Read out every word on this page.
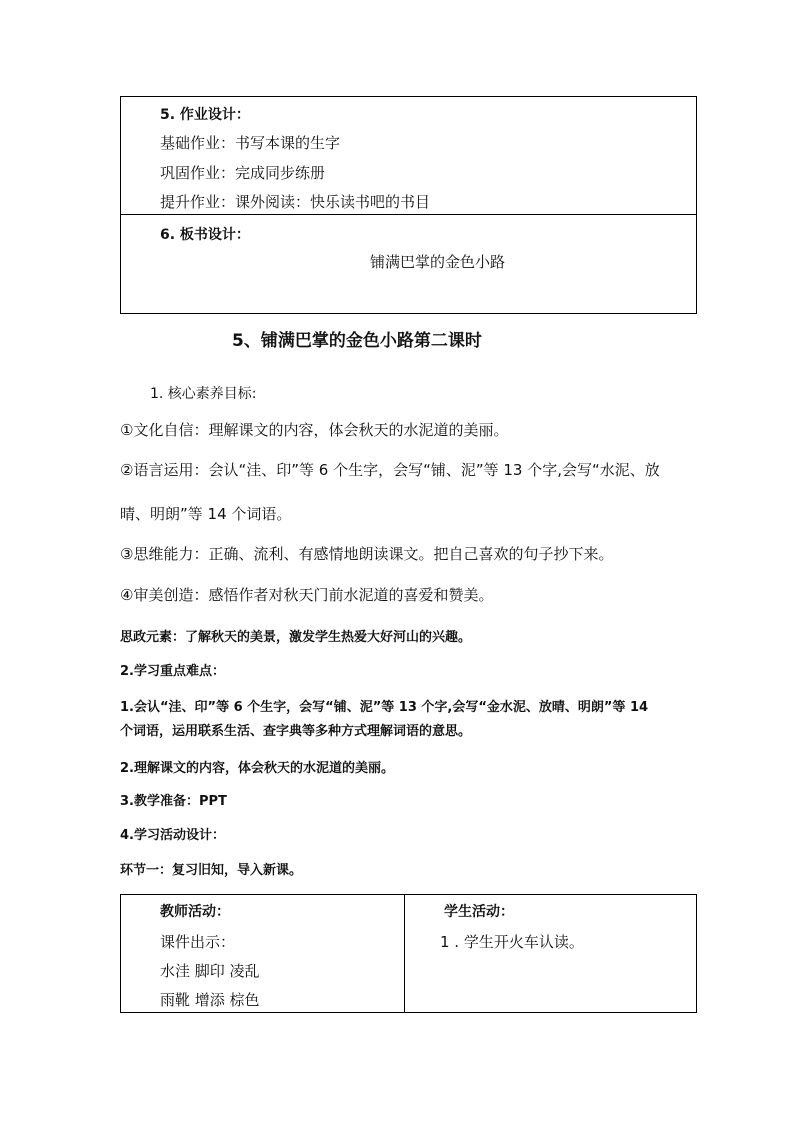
5. 作业设计：
基础作业：书写本课的生字
巩固作业：完成同步练册
提升作业：课外阅读：快乐读书吧的书目
6. 板书设计：
铺满巴掌的金色小路
5、铺满巴掌的金色小路第二课时
1. 核心素养目标:
①文化自信：理解课文的内容，体会秋天的水泥道的美丽。
②语言运用：会认“洼、印”等 6 个生字，会写“铺、泥”等 13 个字,会写“水泥、放
晴、明朗”等 14 个词语。
③思维能力：正确、流利、有感情地朗读课文。把自己喜欢的句子抄下来。
④审美创造：感悟作者对秋天门前水泥道的喜爱和赞美。
思政元素：了解秋天的美景，激发学生热爱大好河山的兴趣。
2.学习重点难点：
1.会认“洼、印”等 6 个生字，会写“铺、泥”等 13 个字,会写“金水泥、放晴、明朗”等 14
个词语，运用联系生活、查字典等多种方式理解词语的意思。
2.理解课文的内容，体会秋天的水泥道的美丽。
3.教学准备：PPT
4.学习活动设计：
环节一：复习旧知，导入新课。
教师活动：
课件出示：
水洼 脚印 凌乱
雨靴 增添 棕色
学生活动：
1 . 学生开火车认读。
